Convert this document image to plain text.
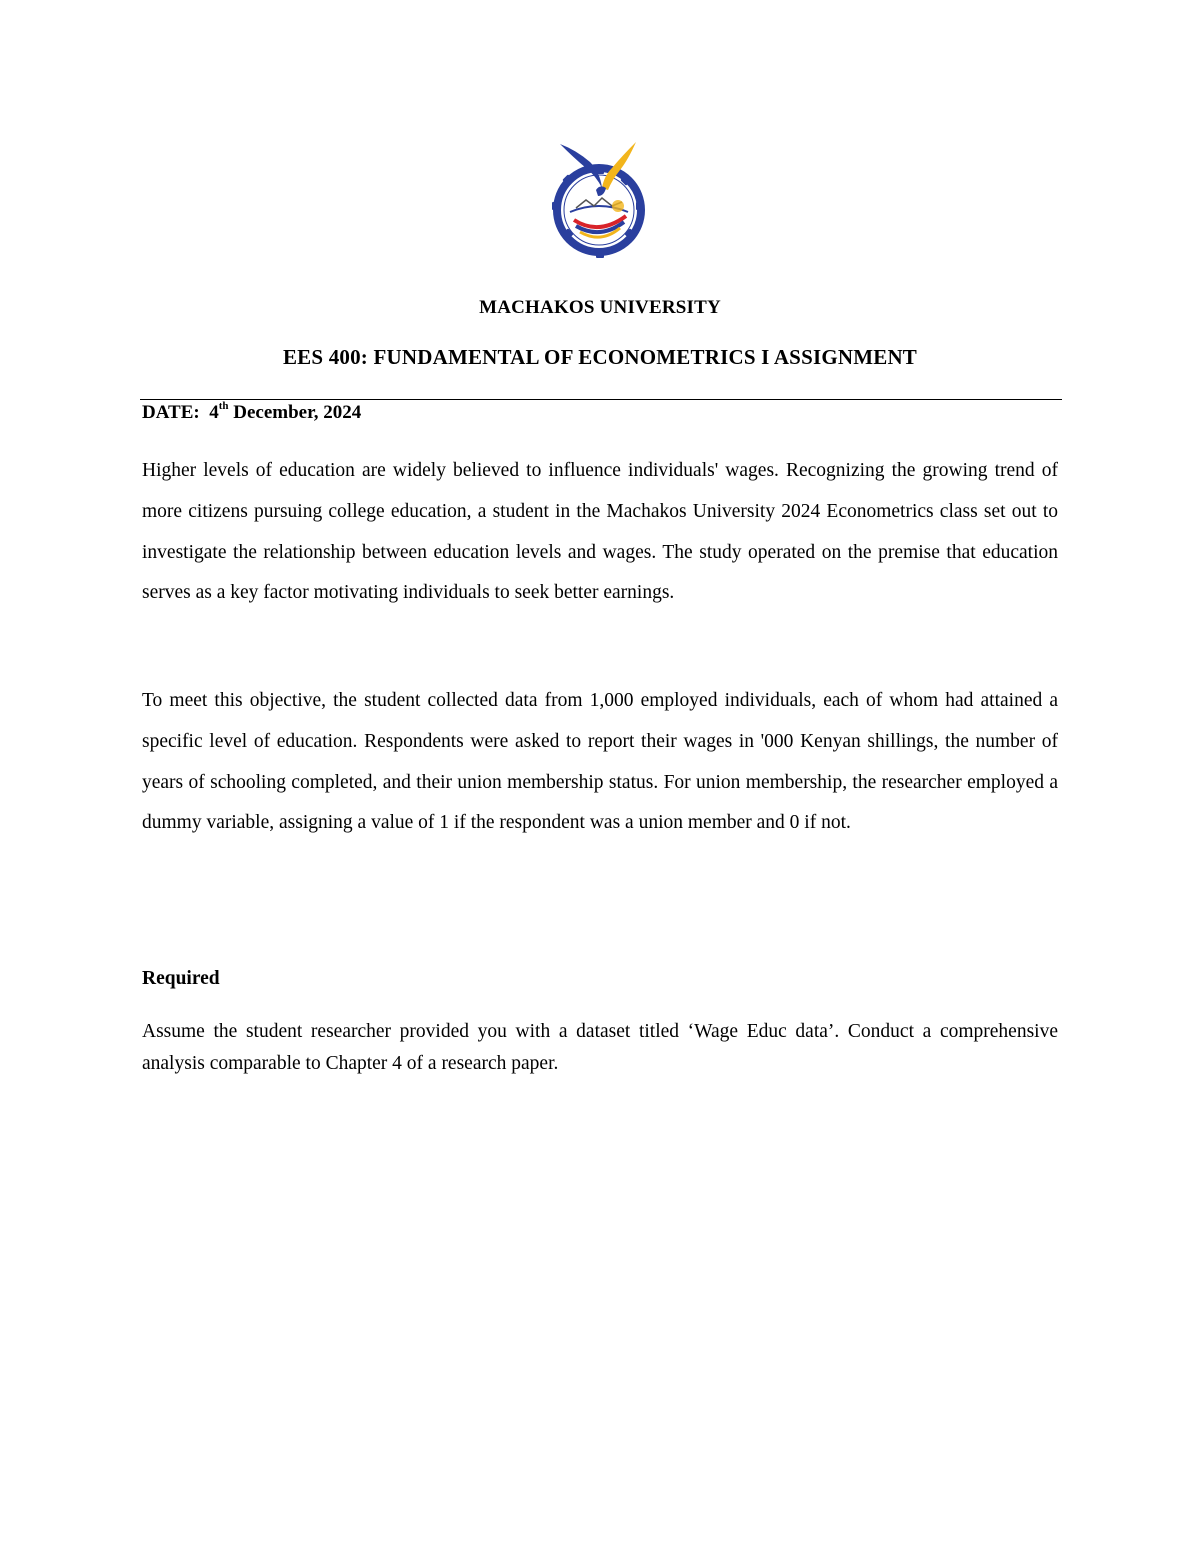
MACHAKOS UNIVERSITY
EES 400: FUNDAMENTAL OF ECONOMETRICS I ASSIGNMENT
DATE: 4th December, 2024

Higher levels of education are widely believed to influence individuals' wages. Recognizing the growing trend of more citizens pursuing college education, a student in the Machakos University 2024 Econometrics class set out to investigate the relationship between education levels and wages. The study operated on the premise that education serves as a key factor motivating individuals to seek better earnings.

To meet this objective, the student collected data from 1,000 employed individuals, each of whom had attained a specific level of education. Respondents were asked to report their wages in '000 Kenyan shillings, the number of years of schooling completed, and their union membership status. For union membership, the researcher employed a dummy variable, assigning a value of 1 if the respondent was a union member and 0 if not.

Required

Assume the student researcher provided you with a dataset titled ‘Wage Educ data’. Conduct a comprehensive analysis comparable to Chapter 4 of a research paper.
